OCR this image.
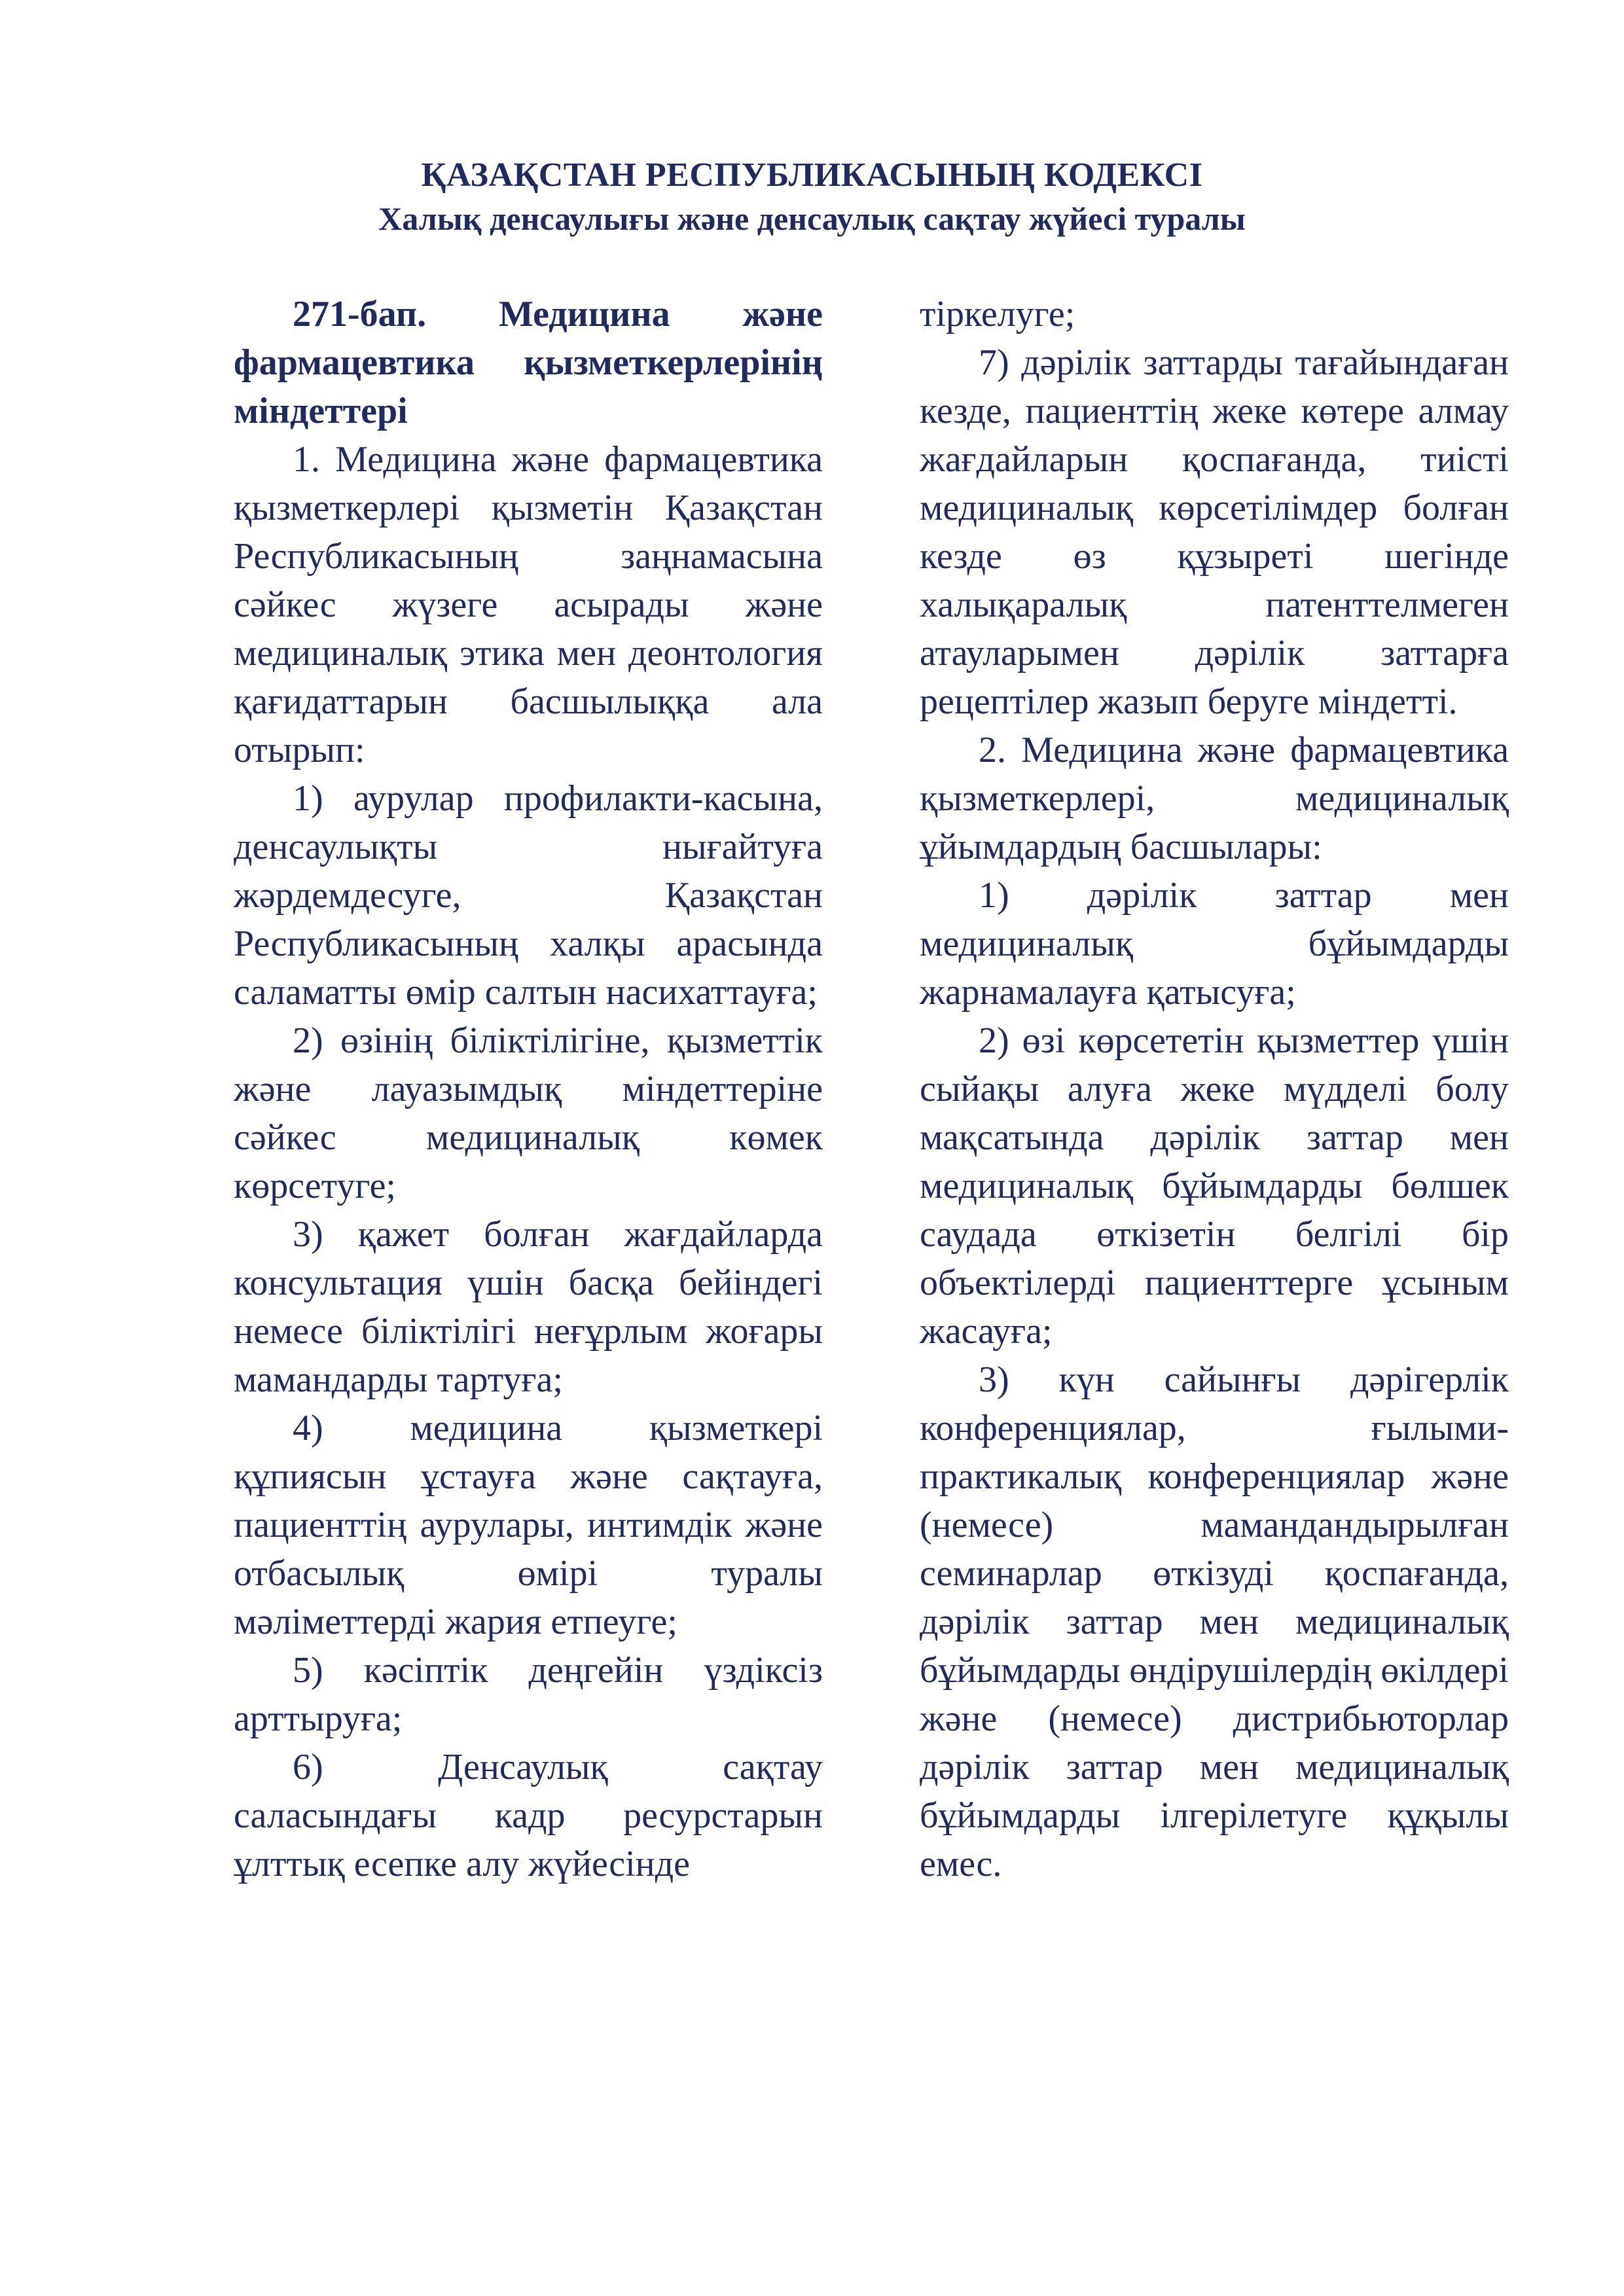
ҚАЗАҚСТАН РЕСПУБЛИКАСЫНЫҢ КОДЕКСІ
Халық денсаулығы және денсаулық сақтау жүйесі туралы

271-бап. Медицина және фармацевтика қызметкерлерінің міндеттері

1. Медицина және фармацевтика қызметкерлері қызметін Қазақстан Республикасының заңнамасына сәйкес жүзеге асырады және медициналық этика мен деонтология қағидаттарын басшылыққа ала отырып:

1) аурулар профилакти-касына, денсаулықты нығайтуға жәрдемдесуге, Қазақстан Республикасының халқы арасында саламатты өмір салтын насихаттауға;

2) өзінің біліктілігіне, қызметтік және лауазымдық міндеттеріне сәйкес медициналық көмек көрсетуге;

3) қажет болған жағдайларда консультация үшін басқа бейіндегі немесе біліктілігі неғұрлым жоғары мамандарды тартуға;

4) медицина қызметкері құпиясын ұстауға және сақтауға, пациенттің аурулары, интимдік және отбасылық өмірі туралы мәліметтерді жария етпеуге;

5) кәсіптік деңгейін үздіксіз арттыруға;

6) Денсаулық сақтау саласындағы кадр ресурстарын ұлттық есепке алу жүйесінде

тіркелуге;

7) дәрілік заттарды тағайындаған кезде, пациенттің жеке көтере алмау жағдайларын қоспағанда, тиісті медициналық көрсетілімдер болған кезде өз құзыреті шегінде халықаралық патенттелмеген атауларымен дәрілік заттарға рецептілер жазып беруге міндетті.

2. Медицина және фармацевтика қызметкерлері, медициналық ұйымдардың басшылары:

1) дәрілік заттар мен медициналық бұйымдарды жарнамалауға қатысуға;

2) өзі көрсететін қызметтер үшін сыйақы алуға жеке мүдделі болу мақсатында дәрілік заттар мен медициналық бұйымдарды бөлшек саудада өткізетін белгілі бір объектілерді пациенттерге ұсыным жасауға;

3) күн сайынғы дәрігерлік конференциялар, ғылыми-практикалық конференциялар және (немесе) мамандандырылған семинарлар өткізуді қоспағанда, дәрілік заттар мен медициналық бұйымдарды өндірушілердің өкілдері және (немесе) дистрибьюторлар дәрілік заттар мен медициналық бұйымдарды ілгерілетуге құқылы емес.
